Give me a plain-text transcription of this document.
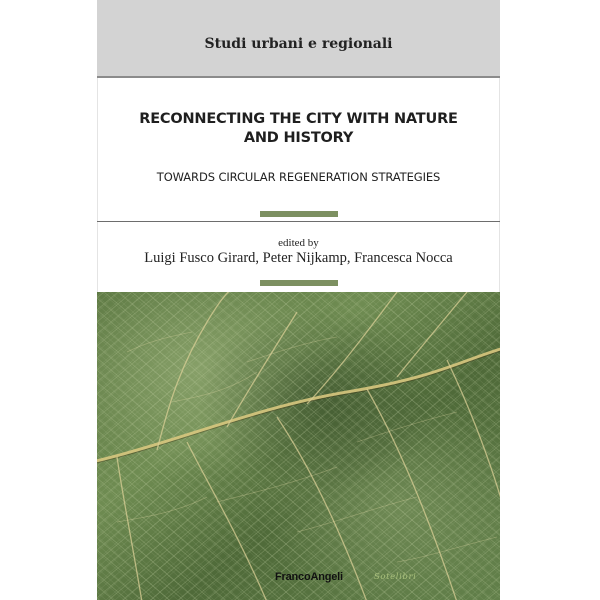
Studi urbani e regionali
RECONNECTING THE CITY WITH NATURE
AND HISTORY
TOWARDS CIRCULAR REGENERATION STRATEGIES
edited by
Luigi Fusco Girard, Peter Nijkamp, Francesca Nocca
FrancoAngeli	Sotelibri
